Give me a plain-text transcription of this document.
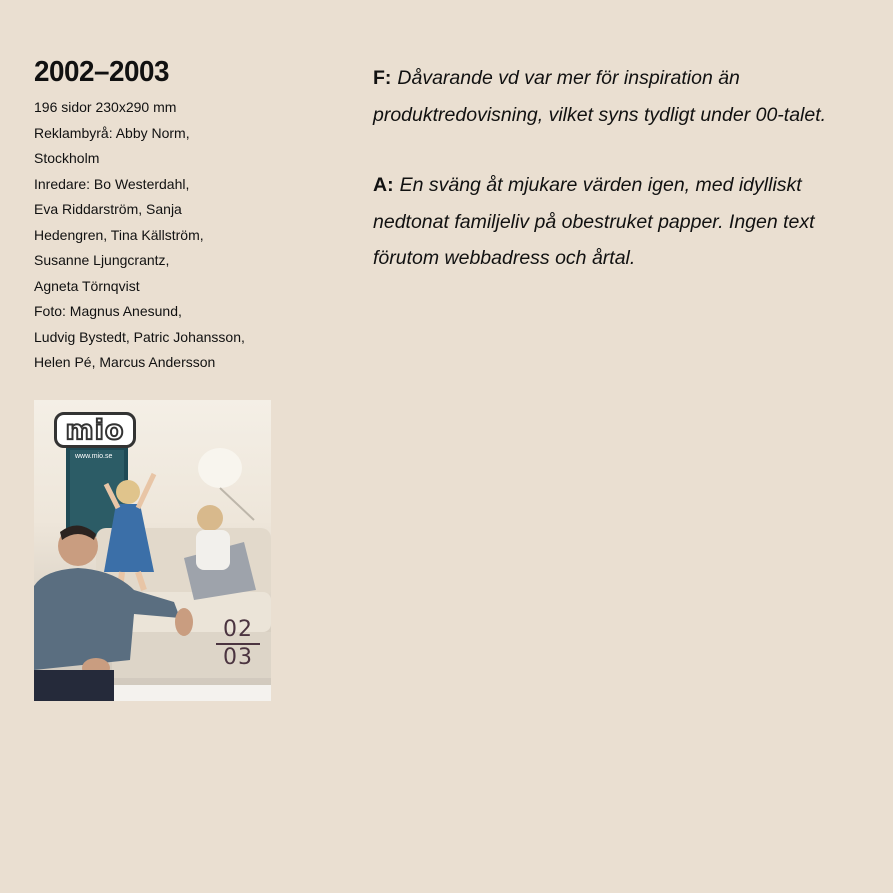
2002–2003
196 sidor 230x290 mm
Reklambyrå: Abby Norm,
Stockholm
Inredare: Bo Westerdahl,
Eva Riddarström, Sanja
Hedengren, Tina Källström,
Susanne Ljungcrantz,
Agneta Törnqvist
Foto: Magnus Anesund,
Ludvig Bystedt, Patric Johansson,
Helen Pé, Marcus Andersson
mio
www.mio.se
02
03

F: Dåvarande vd var mer för inspiration än produktredovisning, vilket syns tydligt under 00-talet.

A: En sväng åt mjukare värden igen, med idylliskt nedtonat familjeliv på obestruket papper. Ingen text förutom webbadress och årtal.
